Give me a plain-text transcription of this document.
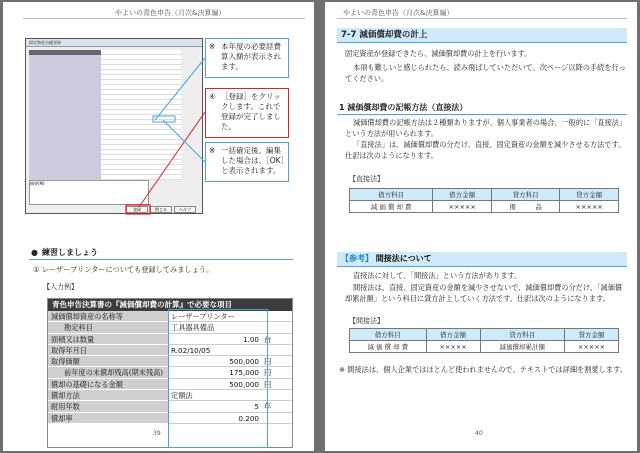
やよいの青色申告（月次&決算編）
固定資産台帳登録
摘要(M)
登録	閉じる	ヘルプ
※ 本年度の必要経費算入額が表示されます。
④ ［登録］をクリックします。これで登録が完了しました。
※ 一括確定後、編集した場合は、［OK］と表示されます。
● 練習しましょう
① レーザープリンターについても登録してみましょう。
【入力例】
青色申告決算書の『減価償却費の計算』で必要な項目
減価償却資産の名称等	レーザープリンター
勘定科目	工具器具備品
面積又は数量	1.00 台
取得年月日	R.02/10/05
取得価額	500,000 円
前年度の未償却残高(期末残高)	175,000 円
償却の基礎になる金額	500,000 円
償却方法	定額法
耐用年数	5 年
償却率	0.200
39
やよいの青色申告（月次&決算編）
7-7 減価償却費の計上
固定資産が登録できたら、減価償却費の計上を行います。
本項も難しいと感じられたら、読み飛ばしていただいて、次ページ以降の手続を行ってください。
1 減価償却費の記帳方法（直接法）
減価償却費の記帳方法は２種類ありますが、個人事業者の場合、一般的に「直接法」という方法が用いられます。
「直接法」は、減価償却費の分だけ、直接、固定資産の金額を減少させる方法です。仕訳は次のようになります。
【直接法】
借方科目	借方金額	貸方科目	貸方金額
減 価 償 却 費	×××××	備　　　品	×××××
【参考】 間接法について
直接法に対して、「間接法」という方法があります。
間接法は、直接、固定資産の金額を減少させないで、減価償却費の分だけ、「減価償却累計額」という科目に貸方計上していく方法です。仕訳は次のようになります。
【間接法】
借方科目	借方金額	貸方科目	貸方金額
減 価 償 却 費	×××××	減価償却累計額	×××××
※ 間接法は、個人企業ではほとんど使われませんので、テキストでは詳細を割愛します。
40
